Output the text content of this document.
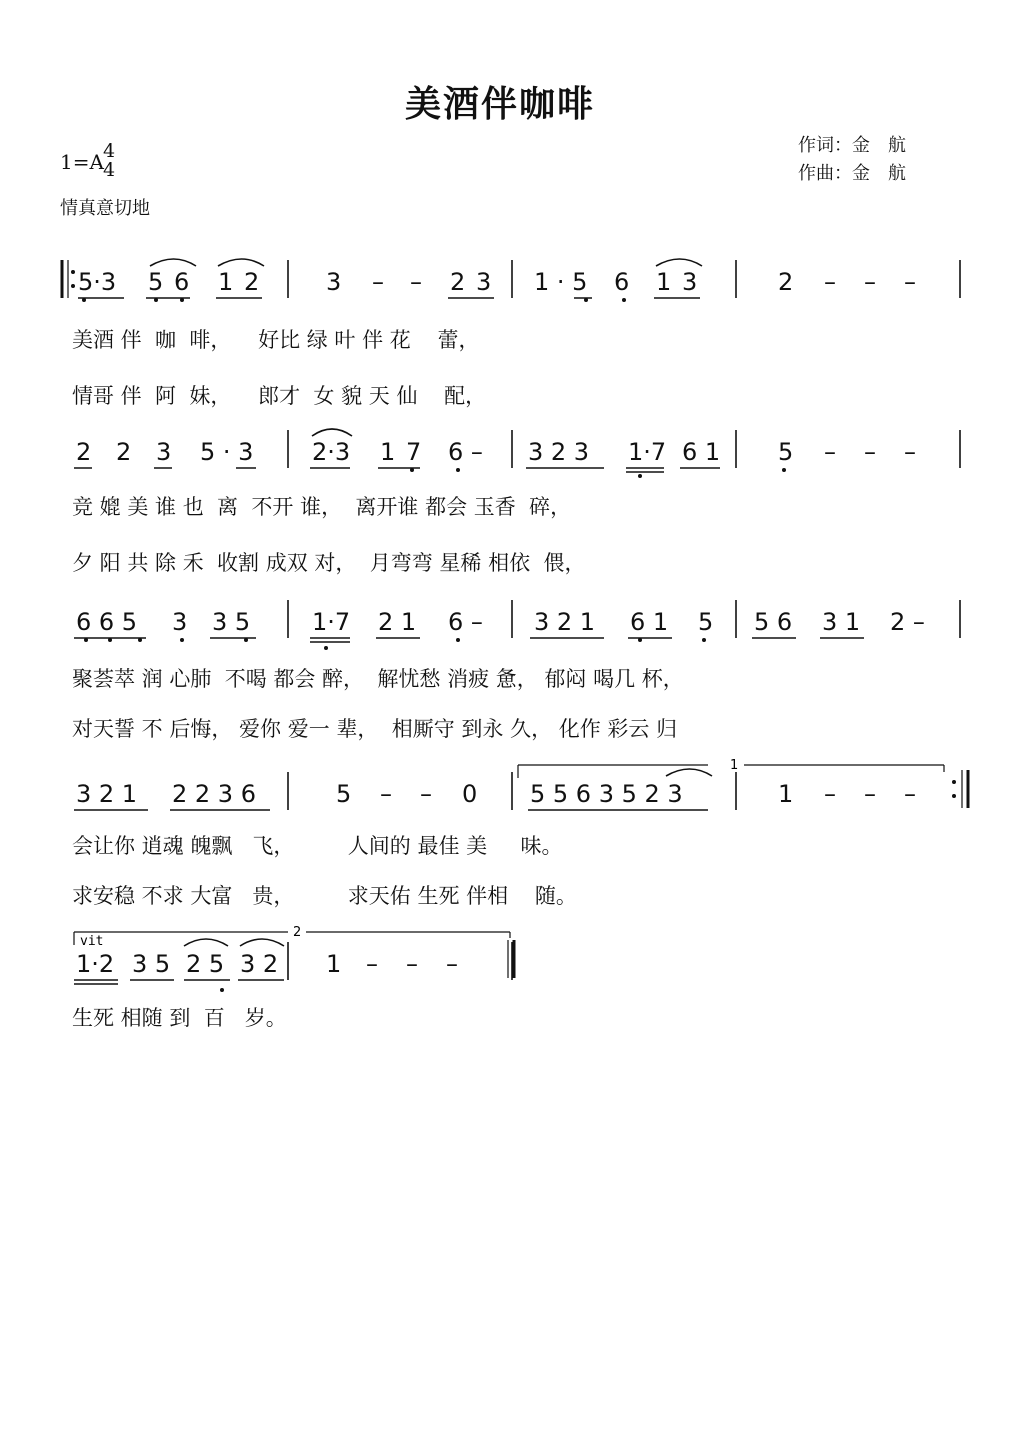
美酒伴咖啡
1=A 4
4
情真意切地
作词：金　航
作曲：金　航
5·3 5 6 1 2	3 – – 2 3 1 · 5 6 1 3	2 – – –
2 2 3 5 · 3 2·3 1 7 6 – 3 2 3 1·7 6 1 5 – – –
6 6 5 3 3 5	1·7 2 1 6 – 3 2 1 6 1 5 5 6 3 1 2 –
3 2 1 2 2 3 6	5 – – 0 5 5 6 3 5 2 3	1 – – –
1·2 3 5 2 5 3 2 1 – – –
1
2
vit
美酒 伴  咖  啡，    好比 绿 叶 伴 花    蕾，
情哥 伴  阿  妹，    郎才  女 貌 天 仙    配，
竞 媲 美 谁 也  离  不开 谁，  离开谁 都会 玉香  碎，
夕 阳 共 除 禾  收割 成双 对，  月弯弯 星稀 相依  偎，
聚荟萃 润 心肺  不喝 都会 醉，  解忧愁 消疲 惫， 郁闷 喝几 杯，
对天誓 不 后悔， 爱你 爱一 辈，  相厮守 到永 久， 化作 彩云 归
会让你 逍魂 魄飘   飞，        人间的 最佳 美     味。
求安稳 不求 大富   贵，        求天佑 生死 伴相    随。
生死 相随 到  百   岁。
